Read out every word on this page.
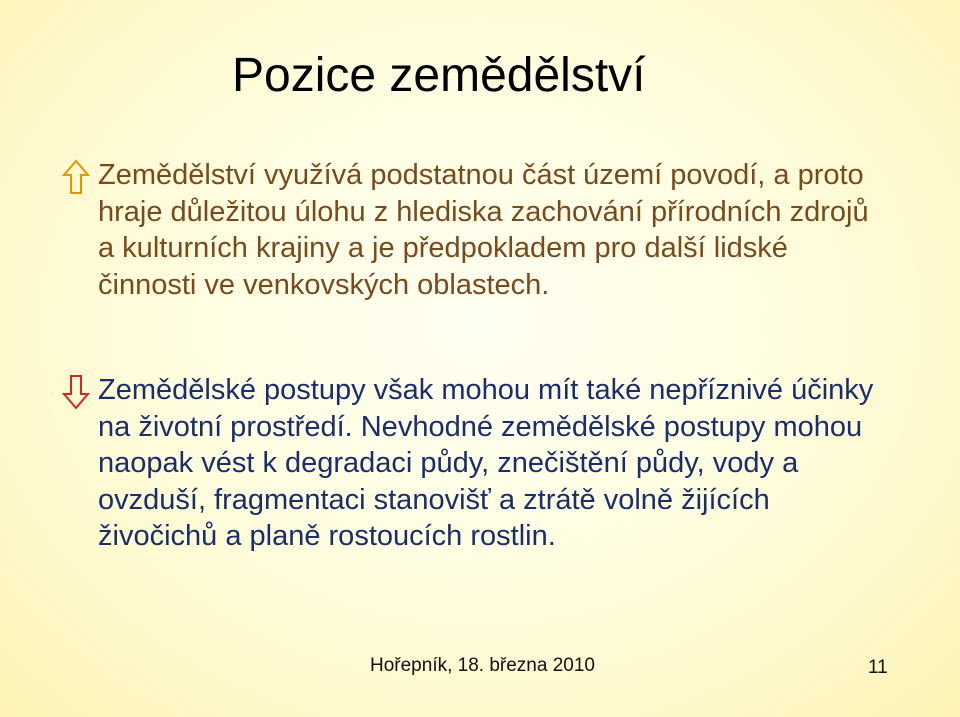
Pozice zemědělství
Zemědělství využívá podstatnou část území povodí, a proto hraje důležitou úlohu z hlediska zachování přírodních zdrojů a kulturních krajiny a je předpokladem pro další lidské činnosti ve venkovských oblastech.
Zemědělské postupy však mohou mít také nepříznivé účinky na životní prostředí. Nevhodné zemědělské postupy mohou naopak vést k degradaci půdy, znečištění půdy, vody a ovzduší, fragmentaci stanovišť a ztrátě volně žijících živočichů a planě rostoucích rostlin.
Hořepník, 18. března 2010	11
